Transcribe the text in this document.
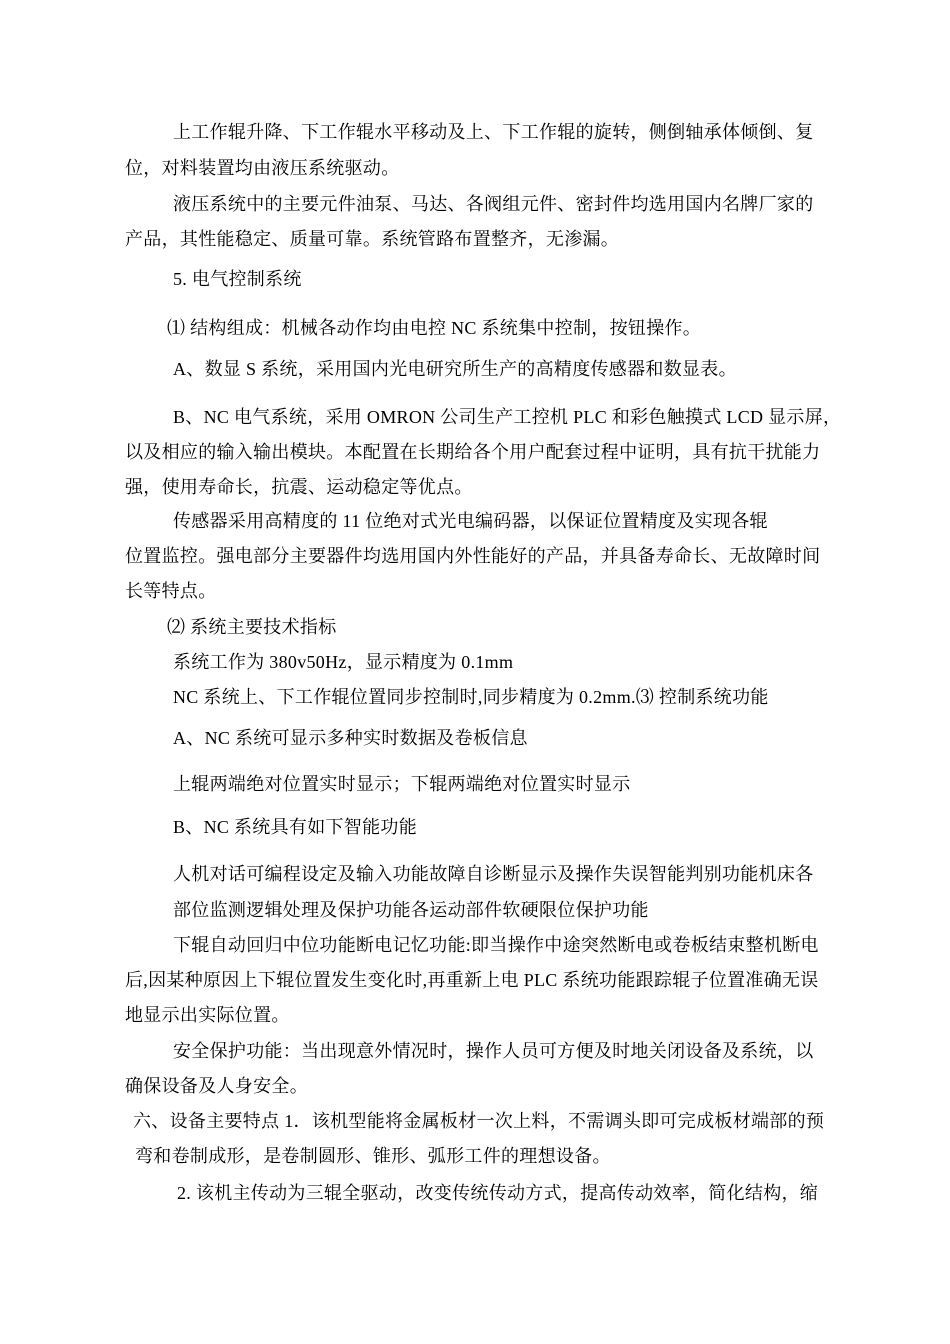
上工作辊升降、下工作辊水平移动及上、下工作辊的旋转，侧倒轴承体倾倒、复
位，对料装置均由液压系统驱动。
液压系统中的主要元件油泵、马达、各阀组元件、密封件均选用国内名牌厂家的
产品，其性能稳定、质量可靠。系统管路布置整齐，无渗漏。
5. 电气控制系统
⑴ 结构组成：机械各动作均由电控 NC 系统集中控制，按钮操作。
A、数显 S 系统，采用国内光电研究所生产的高精度传感器和数显表。
B、NC 电气系统，采用 OMRON 公司生产工控机 PLC 和彩色触摸式 LCD 显示屏，
以及相应的输入输出模块。本配置在长期给各个用户配套过程中证明，具有抗干扰能力
强，使用寿命长，抗震、运动稳定等优点。
传感器采用高精度的 11 位绝对式光电编码器，以保证位置精度及实现各辊
位置监控。强电部分主要器件均选用国内外性能好的产品，并具备寿命长、无故障时间
长等特点。
⑵ 系统主要技术指标
系统工作为 380v50Hz，显示精度为 0.1mm
NC 系统上、下工作辊位置同步控制时,同步精度为 0.2mm.⑶ 控制系统功能
A、NC 系统可显示多种实时数据及卷板信息
上辊两端绝对位置实时显示；下辊两端绝对位置实时显示
B、NC 系统具有如下智能功能
人机对话可编程设定及输入功能故障自诊断显示及操作失误智能判别功能机床各
部位监测逻辑处理及保护功能各运动部件软硬限位保护功能
下辊自动回归中位功能断电记忆功能:即当操作中途突然断电或卷板结束整机断电
后,因某种原因上下辊位置发生变化时,再重新上电 PLC 系统功能跟踪辊子位置准确无误
地显示出实际位置。
安全保护功能：当出现意外情况时，操作人员可方便及时地关闭设备及系统，以
确保设备及人身安全。
六、设备主要特点 1．该机型能将金属板材一次上料，不需调头即可完成板材端部的预
弯和卷制成形，是卷制圆形、锥形、弧形工件的理想设备。
2. 该机主传动为三辊全驱动，改变传统传动方式，提高传动效率，简化结构，缩
